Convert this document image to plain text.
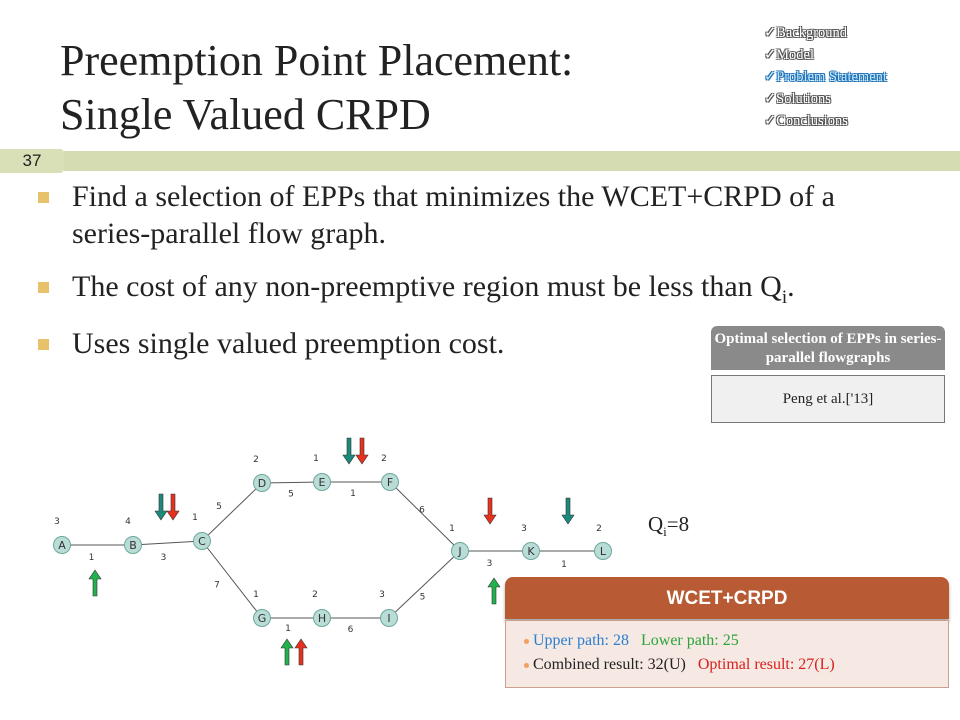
Preemption Point Placement:
Single Valued CRPD
✓Background
✓Model
✓Problem Statement
✓Solutions
✓Conclusions
37
Find a selection of EPPs that minimizes the WCET+CRPD of a series-parallel flow graph.
The cost of any non-preemptive region must be less than $Q_i$.
Uses single valued preemption cost.	Optimal selection of EPPs in series-parallel flowgraphs
Peng et al.['13]
$Q_i=8$
1	3
5
5	1
6
7
1	6
5
3	1
A
3
B
4
C
1
D
2
E
1
F
2
G
1
H
2
I
3
J
1
K
3
L
2
WCET+CRPD
Upper path: 28 Lower path: 25
Combined result: 32(U) Optimal result: 27(L)
